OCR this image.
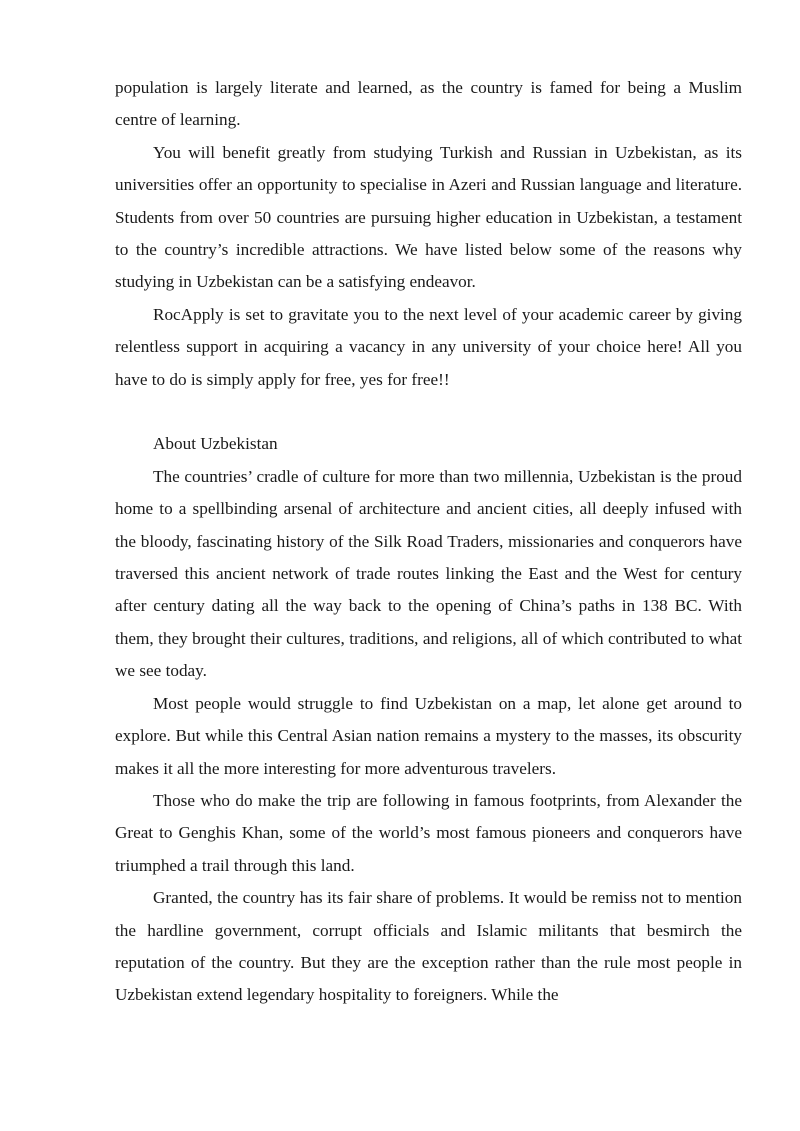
population is largely literate and learned, as the country is famed for being a Muslim centre of learning.

You will benefit greatly from studying Turkish and Russian in Uzbekistan, as its universities offer an opportunity to specialise in Azeri and Russian language and literature. Students from over 50 countries are pursuing higher education in Uzbekistan, a testament to the country’s incredible attractions. We have listed below some of the reasons why studying in Uzbekistan can be a satisfying endeavor.

RocApply is set to gravitate you to the next level of your academic career by giving relentless support in acquiring a vacancy in any university of your choice here! All you have to do is simply apply for free, yes for free!!

About Uzbekistan

The countries’ cradle of culture for more than two millennia, Uzbekistan is the proud home to a spellbinding arsenal of architecture and ancient cities, all deeply infused with the bloody, fascinating history of the Silk Road Traders, missionaries and conquerors have traversed this ancient network of trade routes linking the East and the West for century after century dating all the way back to the opening of China’s paths in 138 BC. With them, they brought their cultures, traditions, and religions, all of which contributed to what we see today.

Most people would struggle to find Uzbekistan on a map, let alone get around to explore. But while this Central Asian nation remains a mystery to the masses, its obscurity makes it all the more interesting for more adventurous travelers.

Those who do make the trip are following in famous footprints, from Alexander the Great to Genghis Khan, some of the world’s most famous pioneers and conquerors have triumphed a trail through this land.

Granted, the country has its fair share of problems. It would be remiss not to mention the hardline government, corrupt officials and Islamic militants that besmirch the reputation of the country. But they are the exception rather than the rule most people in Uzbekistan extend legendary hospitality to foreigners. While the
